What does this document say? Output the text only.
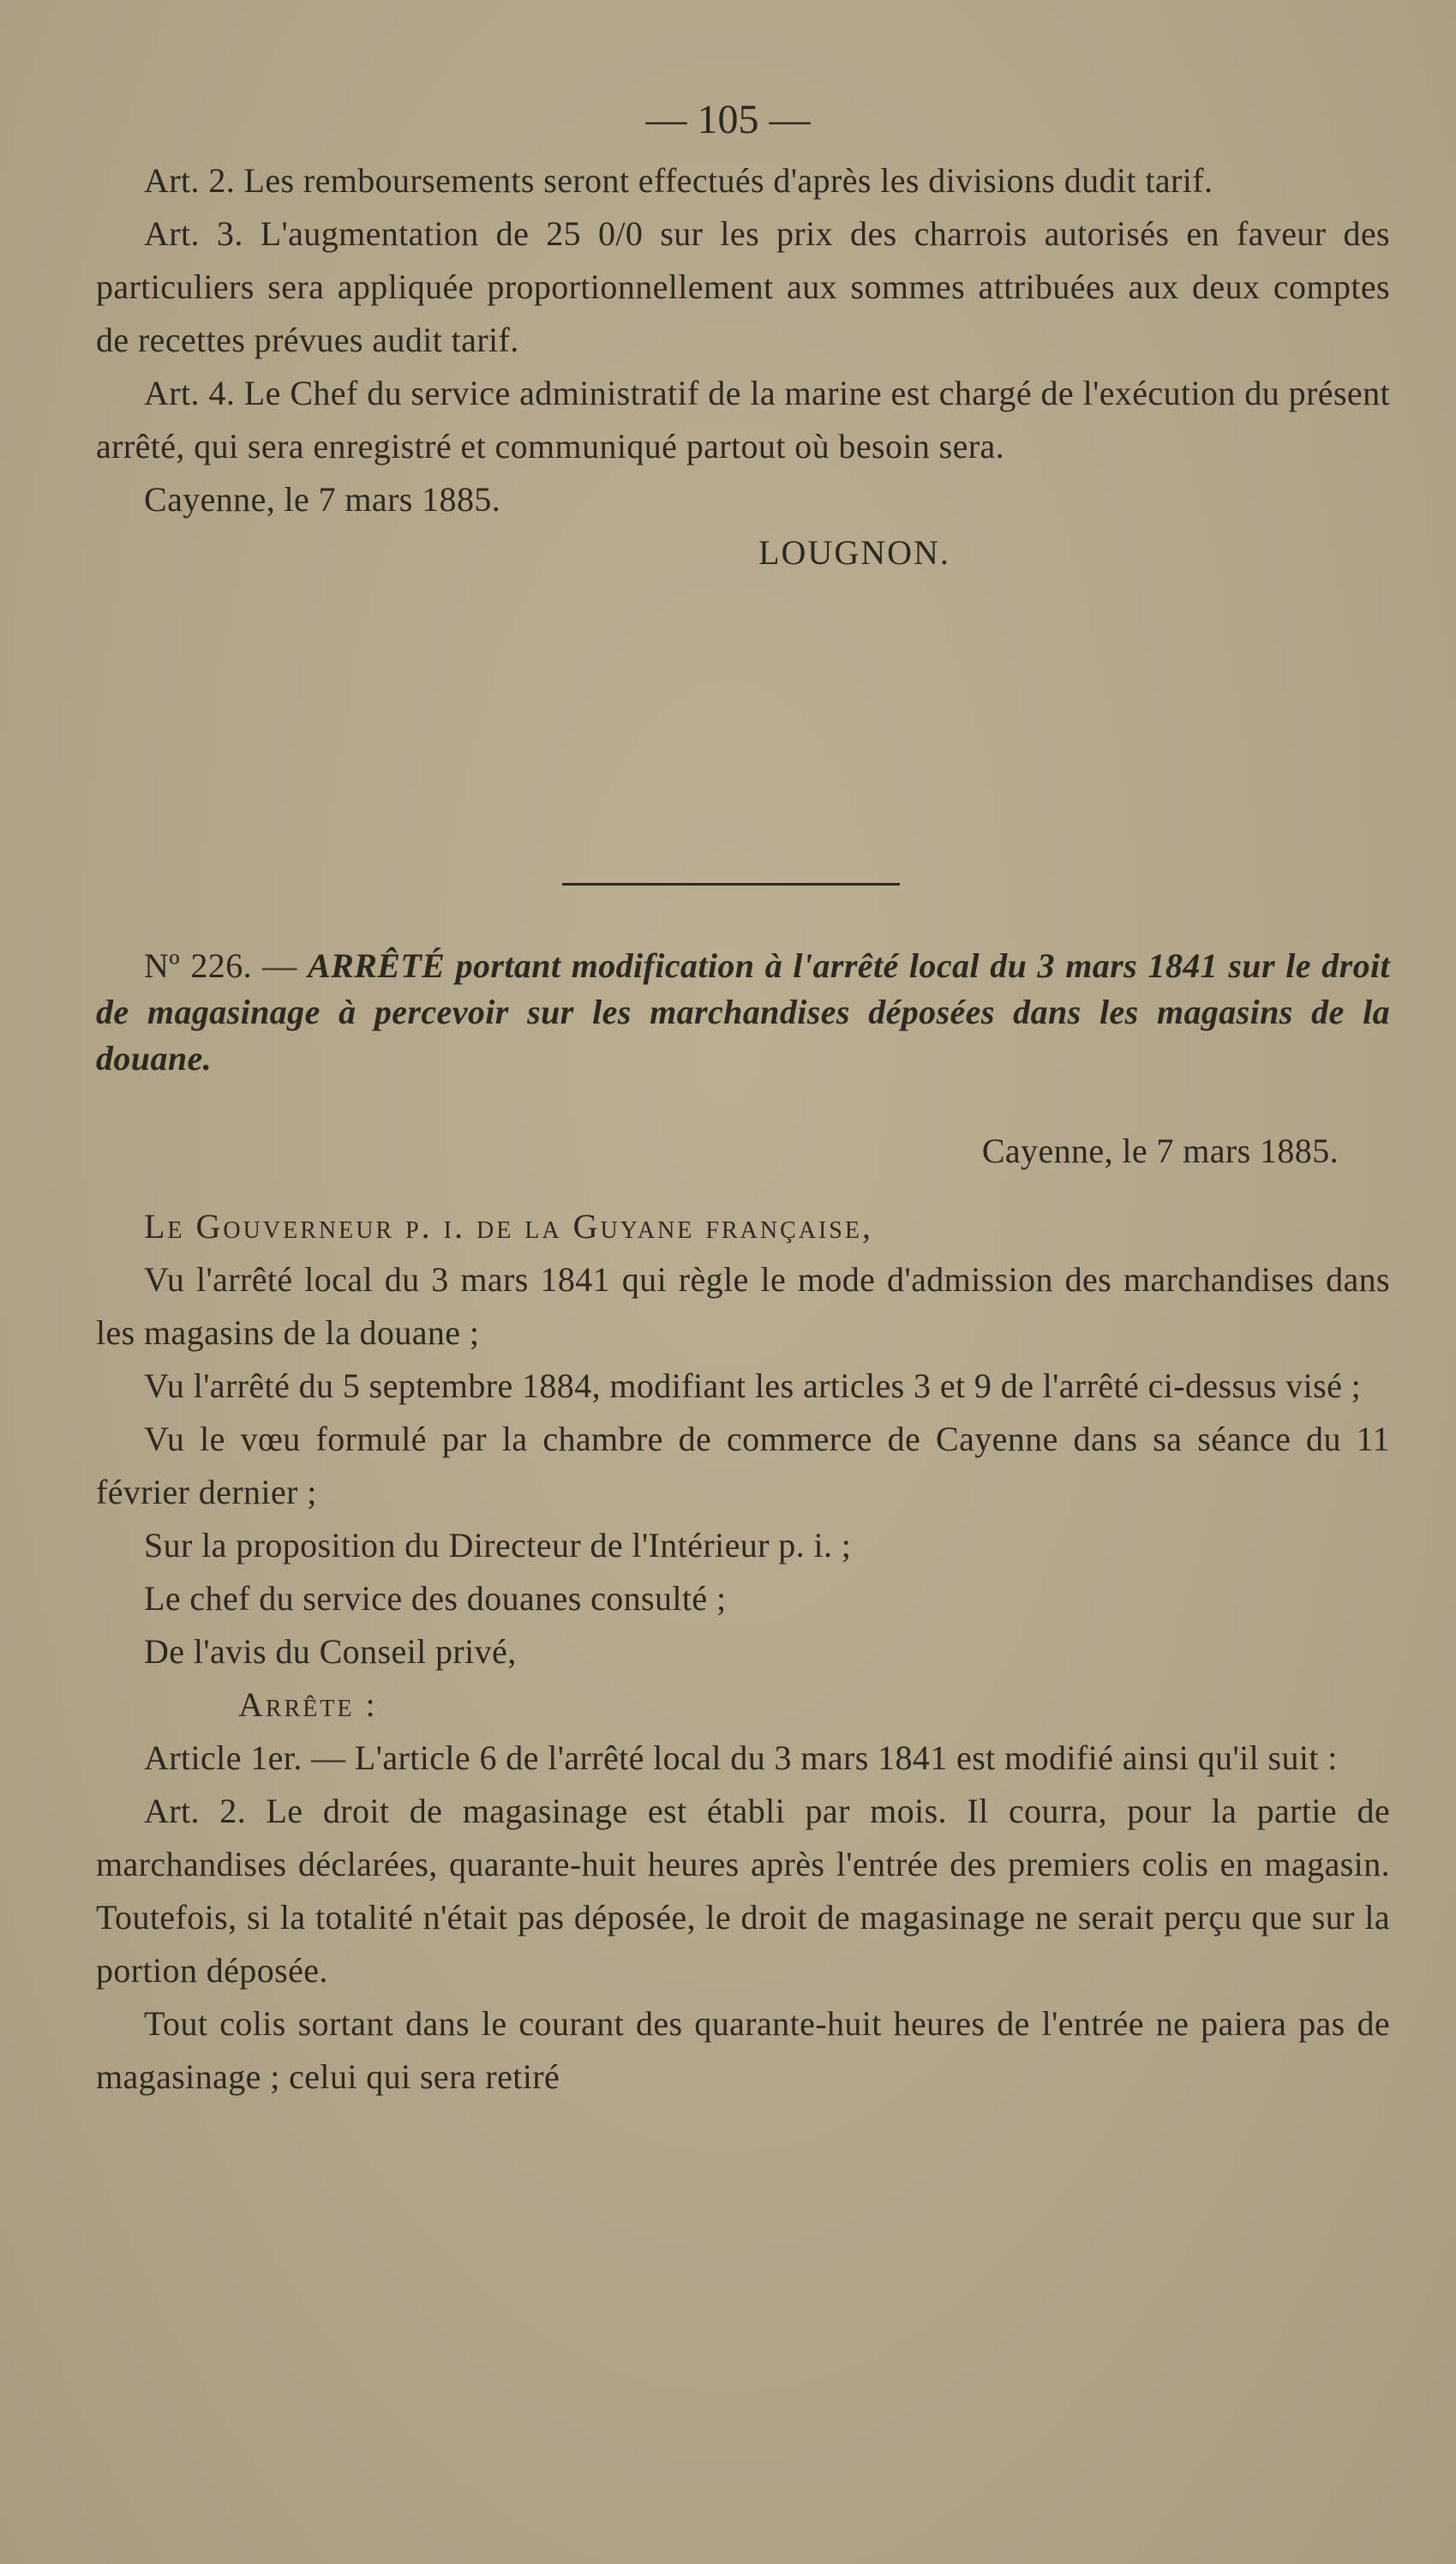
— 105 —

Art. 2. Les remboursements seront effectués d'après les divisions dudit tarif.

Art. 3. L'augmentation de 25 0/0 sur les prix des charrois autorisés en faveur des particuliers sera appliquée proportionnellement aux sommes attribuées aux deux comptes de recettes prévues audit tarif.

Art. 4. Le Chef du service administratif de la marine est chargé de l'exécution du présent arrêté, qui sera enregistré et communiqué partout où besoin sera.

Cayenne, le 7 mars 1885.

LOUGNON.

Nº 226. — ARRÊTÉ portant modification à l'arrêté local du 3 mars 1841 sur le droit de magasinage à percevoir sur les marchandises déposées dans les magasins de la douane.

Cayenne, le 7 mars 1885.

Le Gouverneur p. i. de la Guyane française,

Vu l'arrêté local du 3 mars 1841 qui règle le mode d'admission des marchandises dans les magasins de la douane ;

Vu l'arrêté du 5 septembre 1884, modifiant les articles 3 et 9 de l'arrêté ci-dessus visé ;

Vu le vœu formulé par la chambre de commerce de Cayenne dans sa séance du 11 février dernier ;

Sur la proposition du Directeur de l'Intérieur p. i. ;

Le chef du service des douanes consulté ;

De l'avis du Conseil privé,

Arrête :

Article 1er. — L'article 6 de l'arrêté local du 3 mars 1841 est modifié ainsi qu'il suit :

Art. 2. Le droit de magasinage est établi par mois. Il courra, pour la partie de marchandises déclarées, quarante-huit heures après l'entrée des premiers colis en magasin. Toutefois, si la totalité n'était pas déposée, le droit de magasinage ne serait perçu que sur la portion déposée.

Tout colis sortant dans le courant des quarante-huit heures de l'entrée ne paiera pas de magasinage ; celui qui sera retiré
